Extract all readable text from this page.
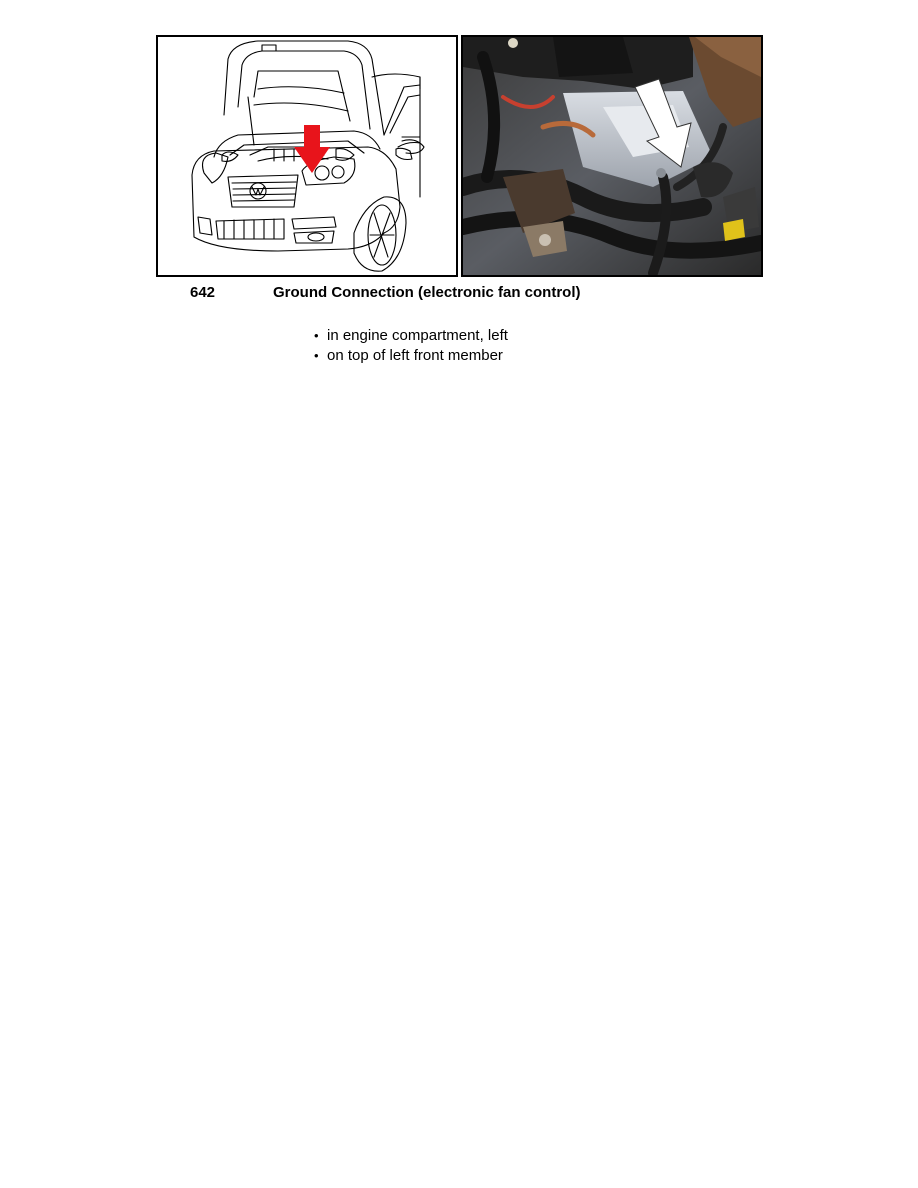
642	Ground Connection (electronic fan control)
• in engine compartment, left
• on top of left front member
